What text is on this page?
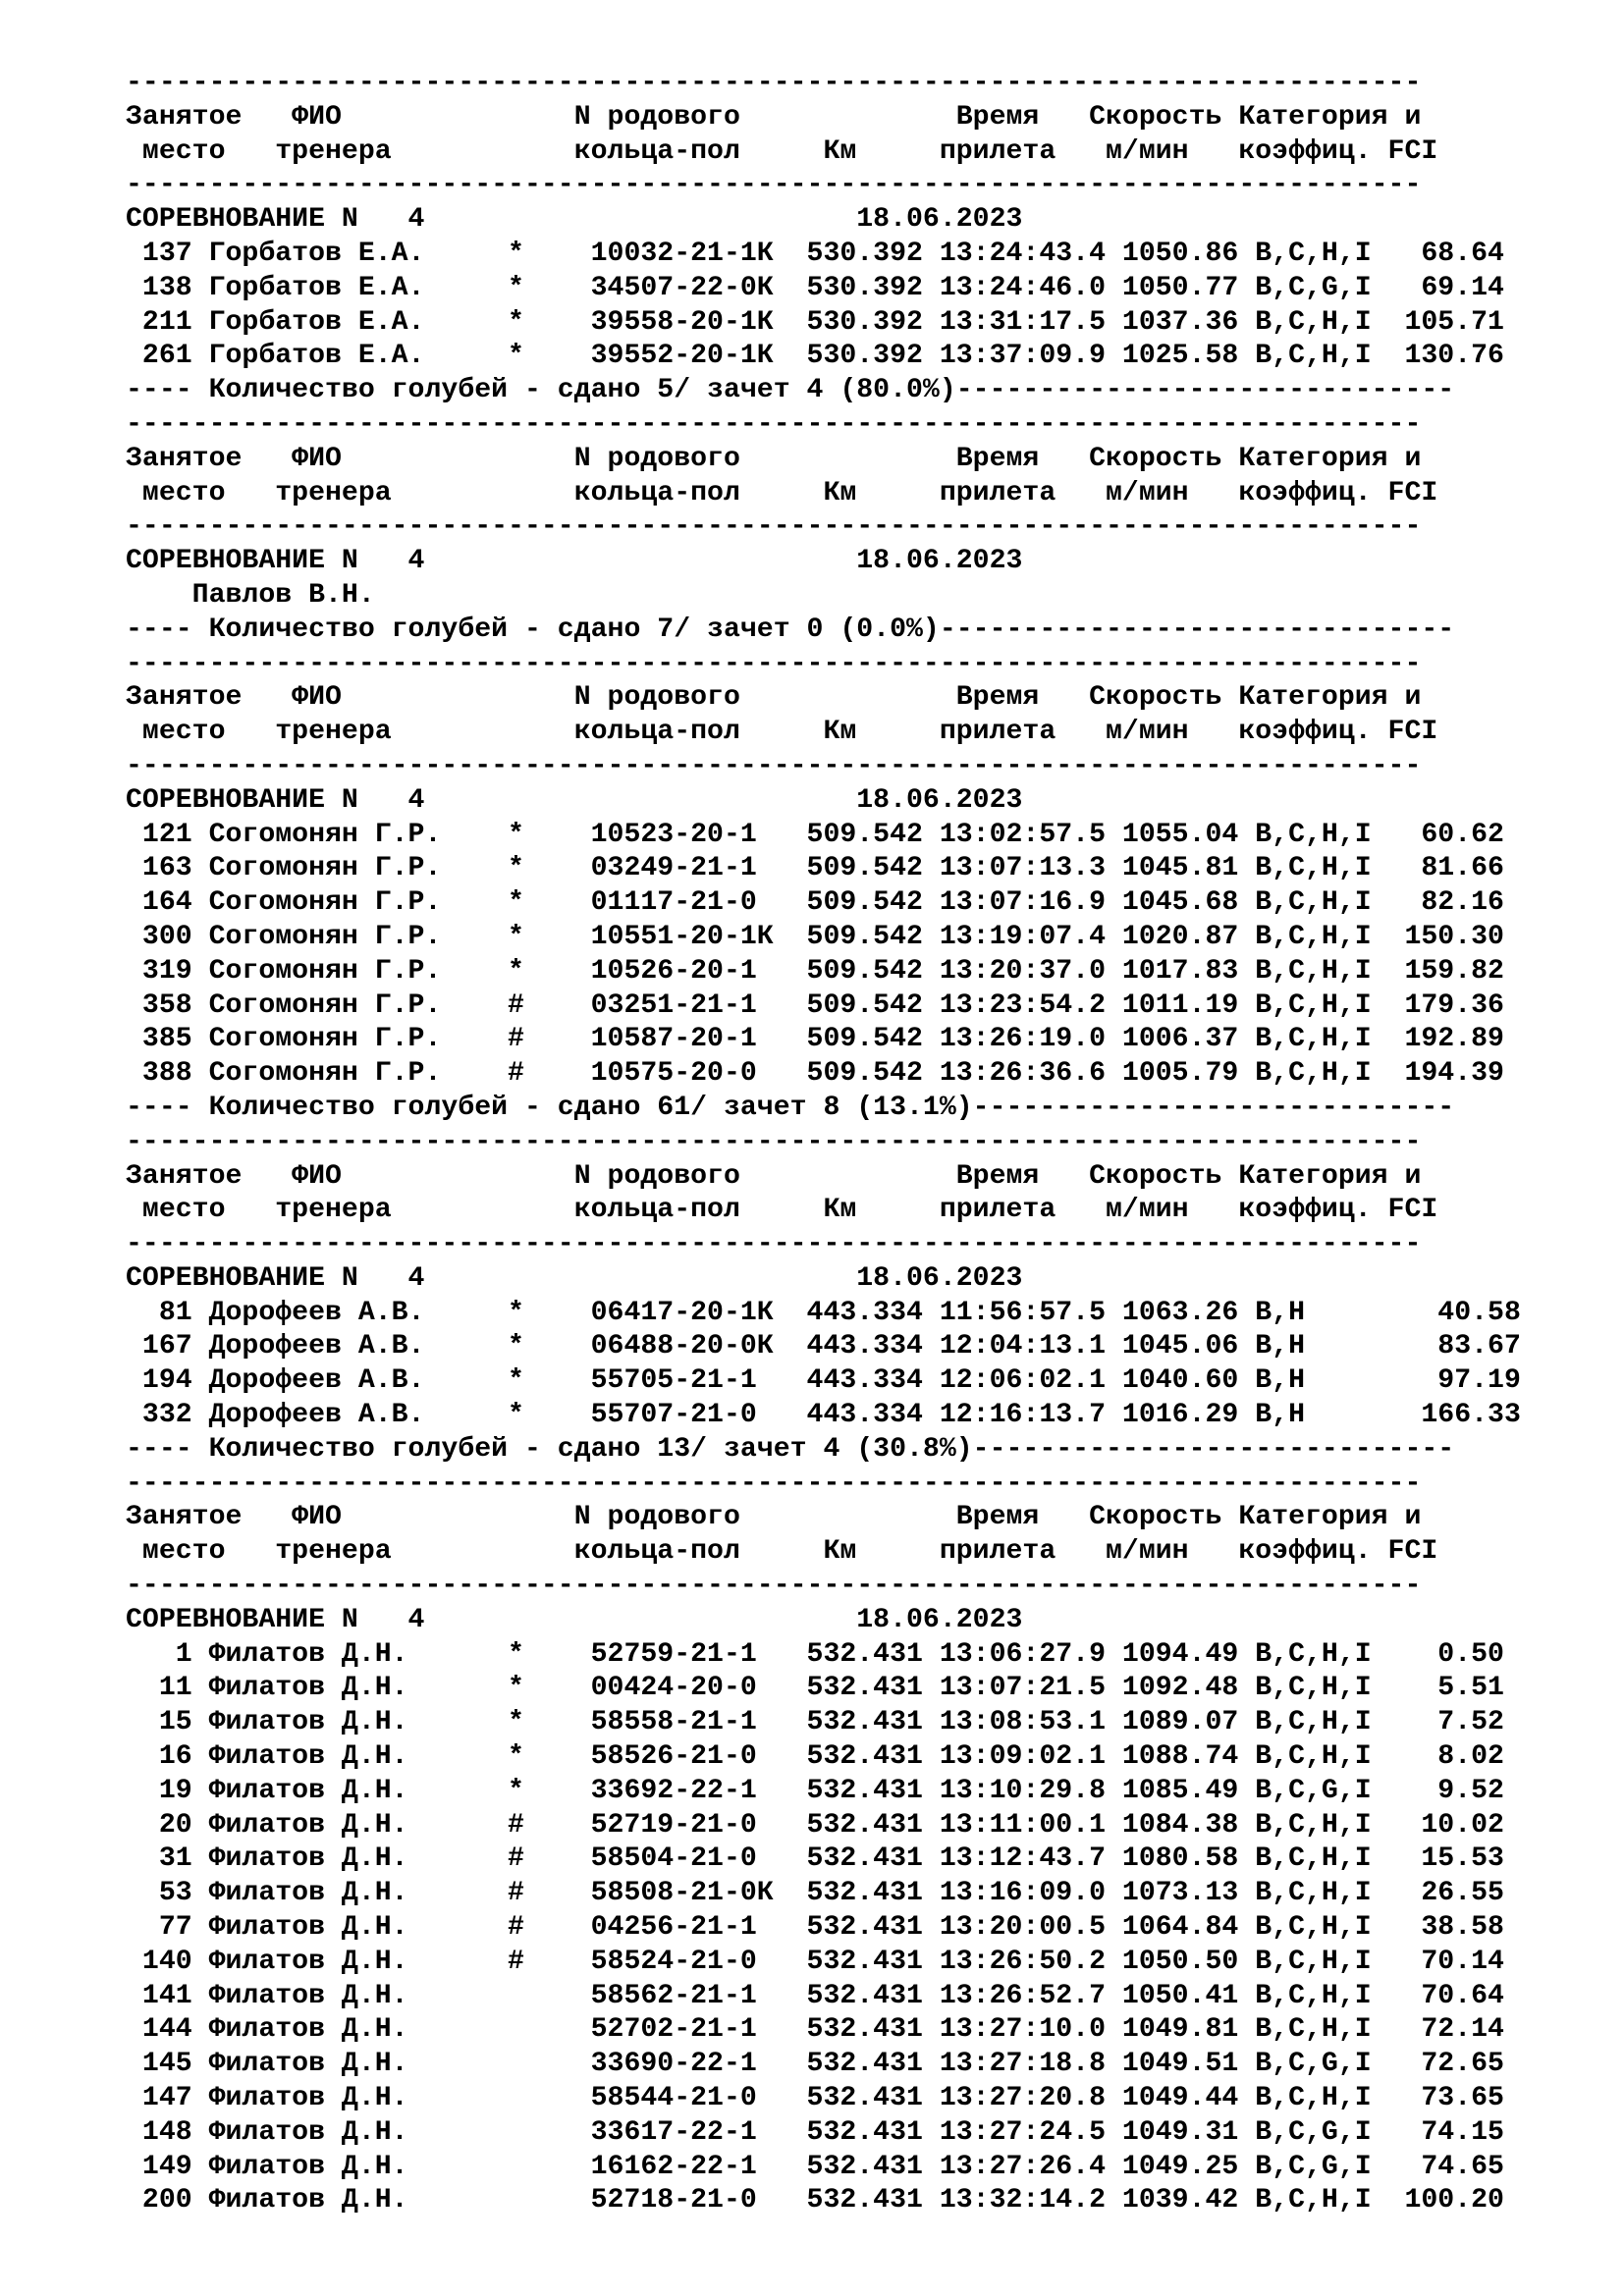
------------------------------------------------------------------------------
Занятое   ФИО              N родового             Время   Скорость Категория и
место   тренера           кольца-пол     Км     прилета   м/мин   коэффиц. FCI
------------------------------------------------------------------------------
СОРЕВНОВАНИЕ N   4                          18.06.2023
137 Горбатов Е.А.     *    10032-21-1К  530.392 13:24:43.4 1050.86 B,C,H,I   68.64
138 Горбатов Е.А.     *    34507-22-0К  530.392 13:24:46.0 1050.77 B,C,G,I   69.14
211 Горбатов Е.А.     *    39558-20-1К  530.392 13:31:17.5 1037.36 B,C,H,I  105.71
261 Горбатов Е.А.     *    39552-20-1К  530.392 13:37:09.9 1025.58 B,C,H,I  130.76
---- Количество голубей - сдано 5/ зачет 4 (80.0%)------------------------------
------------------------------------------------------------------------------
Занятое   ФИО              N родового             Время   Скорость Категория и
место   тренера           кольца-пол     Км     прилета   м/мин   коэффиц. FCI
------------------------------------------------------------------------------
СОРЕВНОВАНИЕ N   4                          18.06.2023
Павлов В.Н.
---- Количество голубей - сдано 7/ зачет 0 (0.0%)-------------------------------
------------------------------------------------------------------------------
Занятое   ФИО              N родового             Время   Скорость Категория и
место   тренера           кольца-пол     Км     прилета   м/мин   коэффиц. FCI
------------------------------------------------------------------------------
СОРЕВНОВАНИЕ N   4                          18.06.2023
121 Согомонян Г.Р.    *    10523-20-1   509.542 13:02:57.5 1055.04 B,C,H,I   60.62
163 Согомонян Г.Р.    *    03249-21-1   509.542 13:07:13.3 1045.81 B,C,H,I   81.66
164 Согомонян Г.Р.    *    01117-21-0   509.542 13:07:16.9 1045.68 B,C,H,I   82.16
300 Согомонян Г.Р.    *    10551-20-1К  509.542 13:19:07.4 1020.87 B,C,H,I  150.30
319 Согомонян Г.Р.    *    10526-20-1   509.542 13:20:37.0 1017.83 B,C,H,I  159.82
358 Согомонян Г.Р.    #    03251-21-1   509.542 13:23:54.2 1011.19 B,C,H,I  179.36
385 Согомонян Г.Р.    #    10587-20-1   509.542 13:26:19.0 1006.37 B,C,H,I  192.89
388 Согомонян Г.Р.    #    10575-20-0   509.542 13:26:36.6 1005.79 B,C,H,I  194.39
---- Количество голубей - сдано 61/ зачет 8 (13.1%)-----------------------------
------------------------------------------------------------------------------
Занятое   ФИО              N родового             Время   Скорость Категория и
место   тренера           кольца-пол     Км     прилета   м/мин   коэффиц. FCI
------------------------------------------------------------------------------
СОРЕВНОВАНИЕ N   4                          18.06.2023
81 Дорофеев А.В.     *    06417-20-1К  443.334 11:56:57.5 1063.26 B,H        40.58
167 Дорофеев А.В.     *    06488-20-0К  443.334 12:04:13.1 1045.06 B,H        83.67
194 Дорофеев А.В.     *    55705-21-1   443.334 12:06:02.1 1040.60 B,H        97.19
332 Дорофеев А.В.     *    55707-21-0   443.334 12:16:13.7 1016.29 B,H       166.33
---- Количество голубей - сдано 13/ зачет 4 (30.8%)-----------------------------
------------------------------------------------------------------------------
Занятое   ФИО              N родового             Время   Скорость Категория и
место   тренера           кольца-пол     Км     прилета   м/мин   коэффиц. FCI
------------------------------------------------------------------------------
СОРЕВНОВАНИЕ N   4                          18.06.2023
1 Филатов Д.Н.      *    52759-21-1   532.431 13:06:27.9 1094.49 B,C,H,I    0.50
11 Филатов Д.Н.      *    00424-20-0   532.431 13:07:21.5 1092.48 B,C,H,I    5.51
15 Филатов Д.Н.      *    58558-21-1   532.431 13:08:53.1 1089.07 B,C,H,I    7.52
16 Филатов Д.Н.      *    58526-21-0   532.431 13:09:02.1 1088.74 B,C,H,I    8.02
19 Филатов Д.Н.      *    33692-22-1   532.431 13:10:29.8 1085.49 B,C,G,I    9.52
20 Филатов Д.Н.      #    52719-21-0   532.431 13:11:00.1 1084.38 B,C,H,I   10.02
31 Филатов Д.Н.      #    58504-21-0   532.431 13:12:43.7 1080.58 B,C,H,I   15.53
53 Филатов Д.Н.      #    58508-21-0К  532.431 13:16:09.0 1073.13 B,C,H,I   26.55
77 Филатов Д.Н.      #    04256-21-1   532.431 13:20:00.5 1064.84 B,C,H,I   38.58
140 Филатов Д.Н.      #    58524-21-0   532.431 13:26:50.2 1050.50 B,C,H,I   70.14
141 Филатов Д.Н.           58562-21-1   532.431 13:26:52.7 1050.41 B,C,H,I   70.64
144 Филатов Д.Н.           52702-21-1   532.431 13:27:10.0 1049.81 B,C,H,I   72.14
145 Филатов Д.Н.           33690-22-1   532.431 13:27:18.8 1049.51 B,C,G,I   72.65
147 Филатов Д.Н.           58544-21-0   532.431 13:27:20.8 1049.44 B,C,H,I   73.65
148 Филатов Д.Н.           33617-22-1   532.431 13:27:24.5 1049.31 B,C,G,I   74.15
149 Филатов Д.Н.           16162-22-1   532.431 13:27:26.4 1049.25 B,C,G,I   74.65
200 Филатов Д.Н.           52718-21-0   532.431 13:32:14.2 1039.42 B,C,H,I  100.20
